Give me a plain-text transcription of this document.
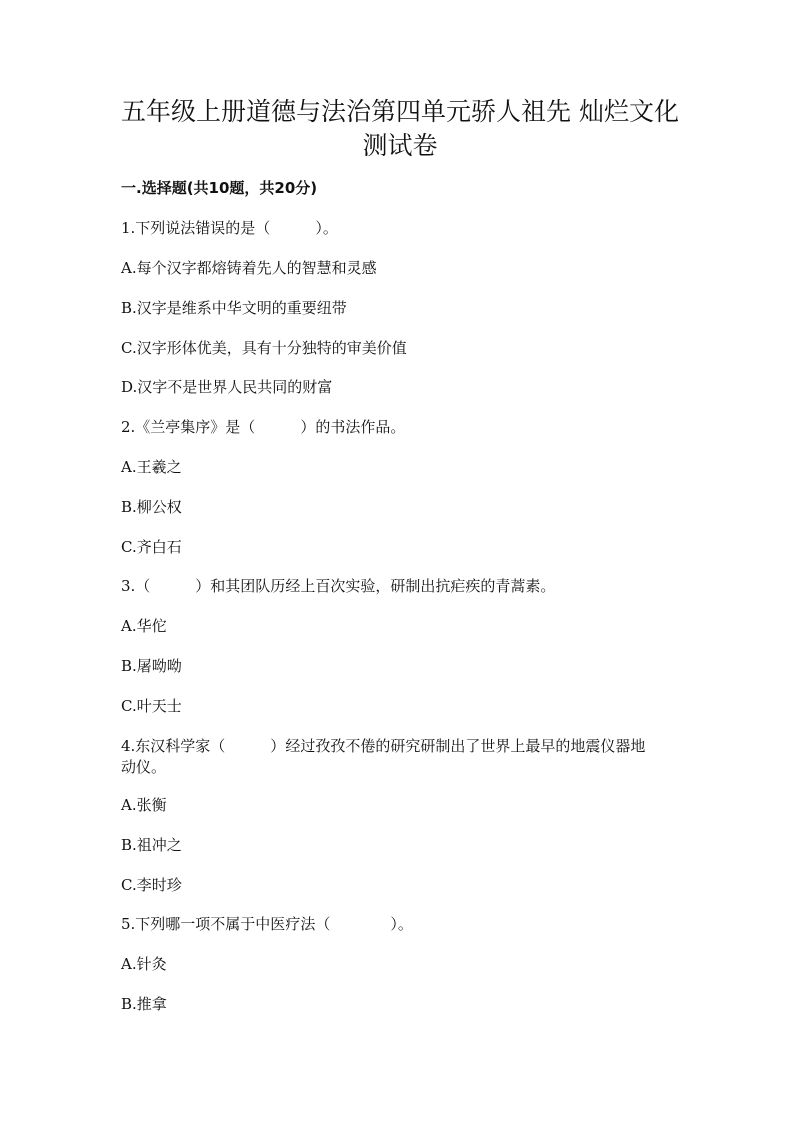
五年级上册道德与法治第四单元骄人祖先 灿烂文化
测试卷
一.选择题(共10题，共20分)
1.下列说法错误的是（　　　）。
A.每个汉字都熔铸着先人的智慧和灵感
B.汉字是维系中华文明的重要纽带
C.汉字形体优美，具有十分独特的审美价值
D.汉字不是世界人民共同的财富
2.《兰亭集序》是（　　　）的书法作品。
A.王羲之
B.柳公权
C.齐白石
3.（　　　）和其团队历经上百次实验，研制出抗疟疾的青蒿素。
A.华佗
B.屠呦呦
C.叶天士
4.东汉科学家（　　　）经过孜孜不倦的研究研制出了世界上最早的地震仪器地
动仪。
A.张衡
B.祖冲之
C.李时珍
5.下列哪一项不属于中医疗法（　　　　）。
A.针灸
B.推拿
